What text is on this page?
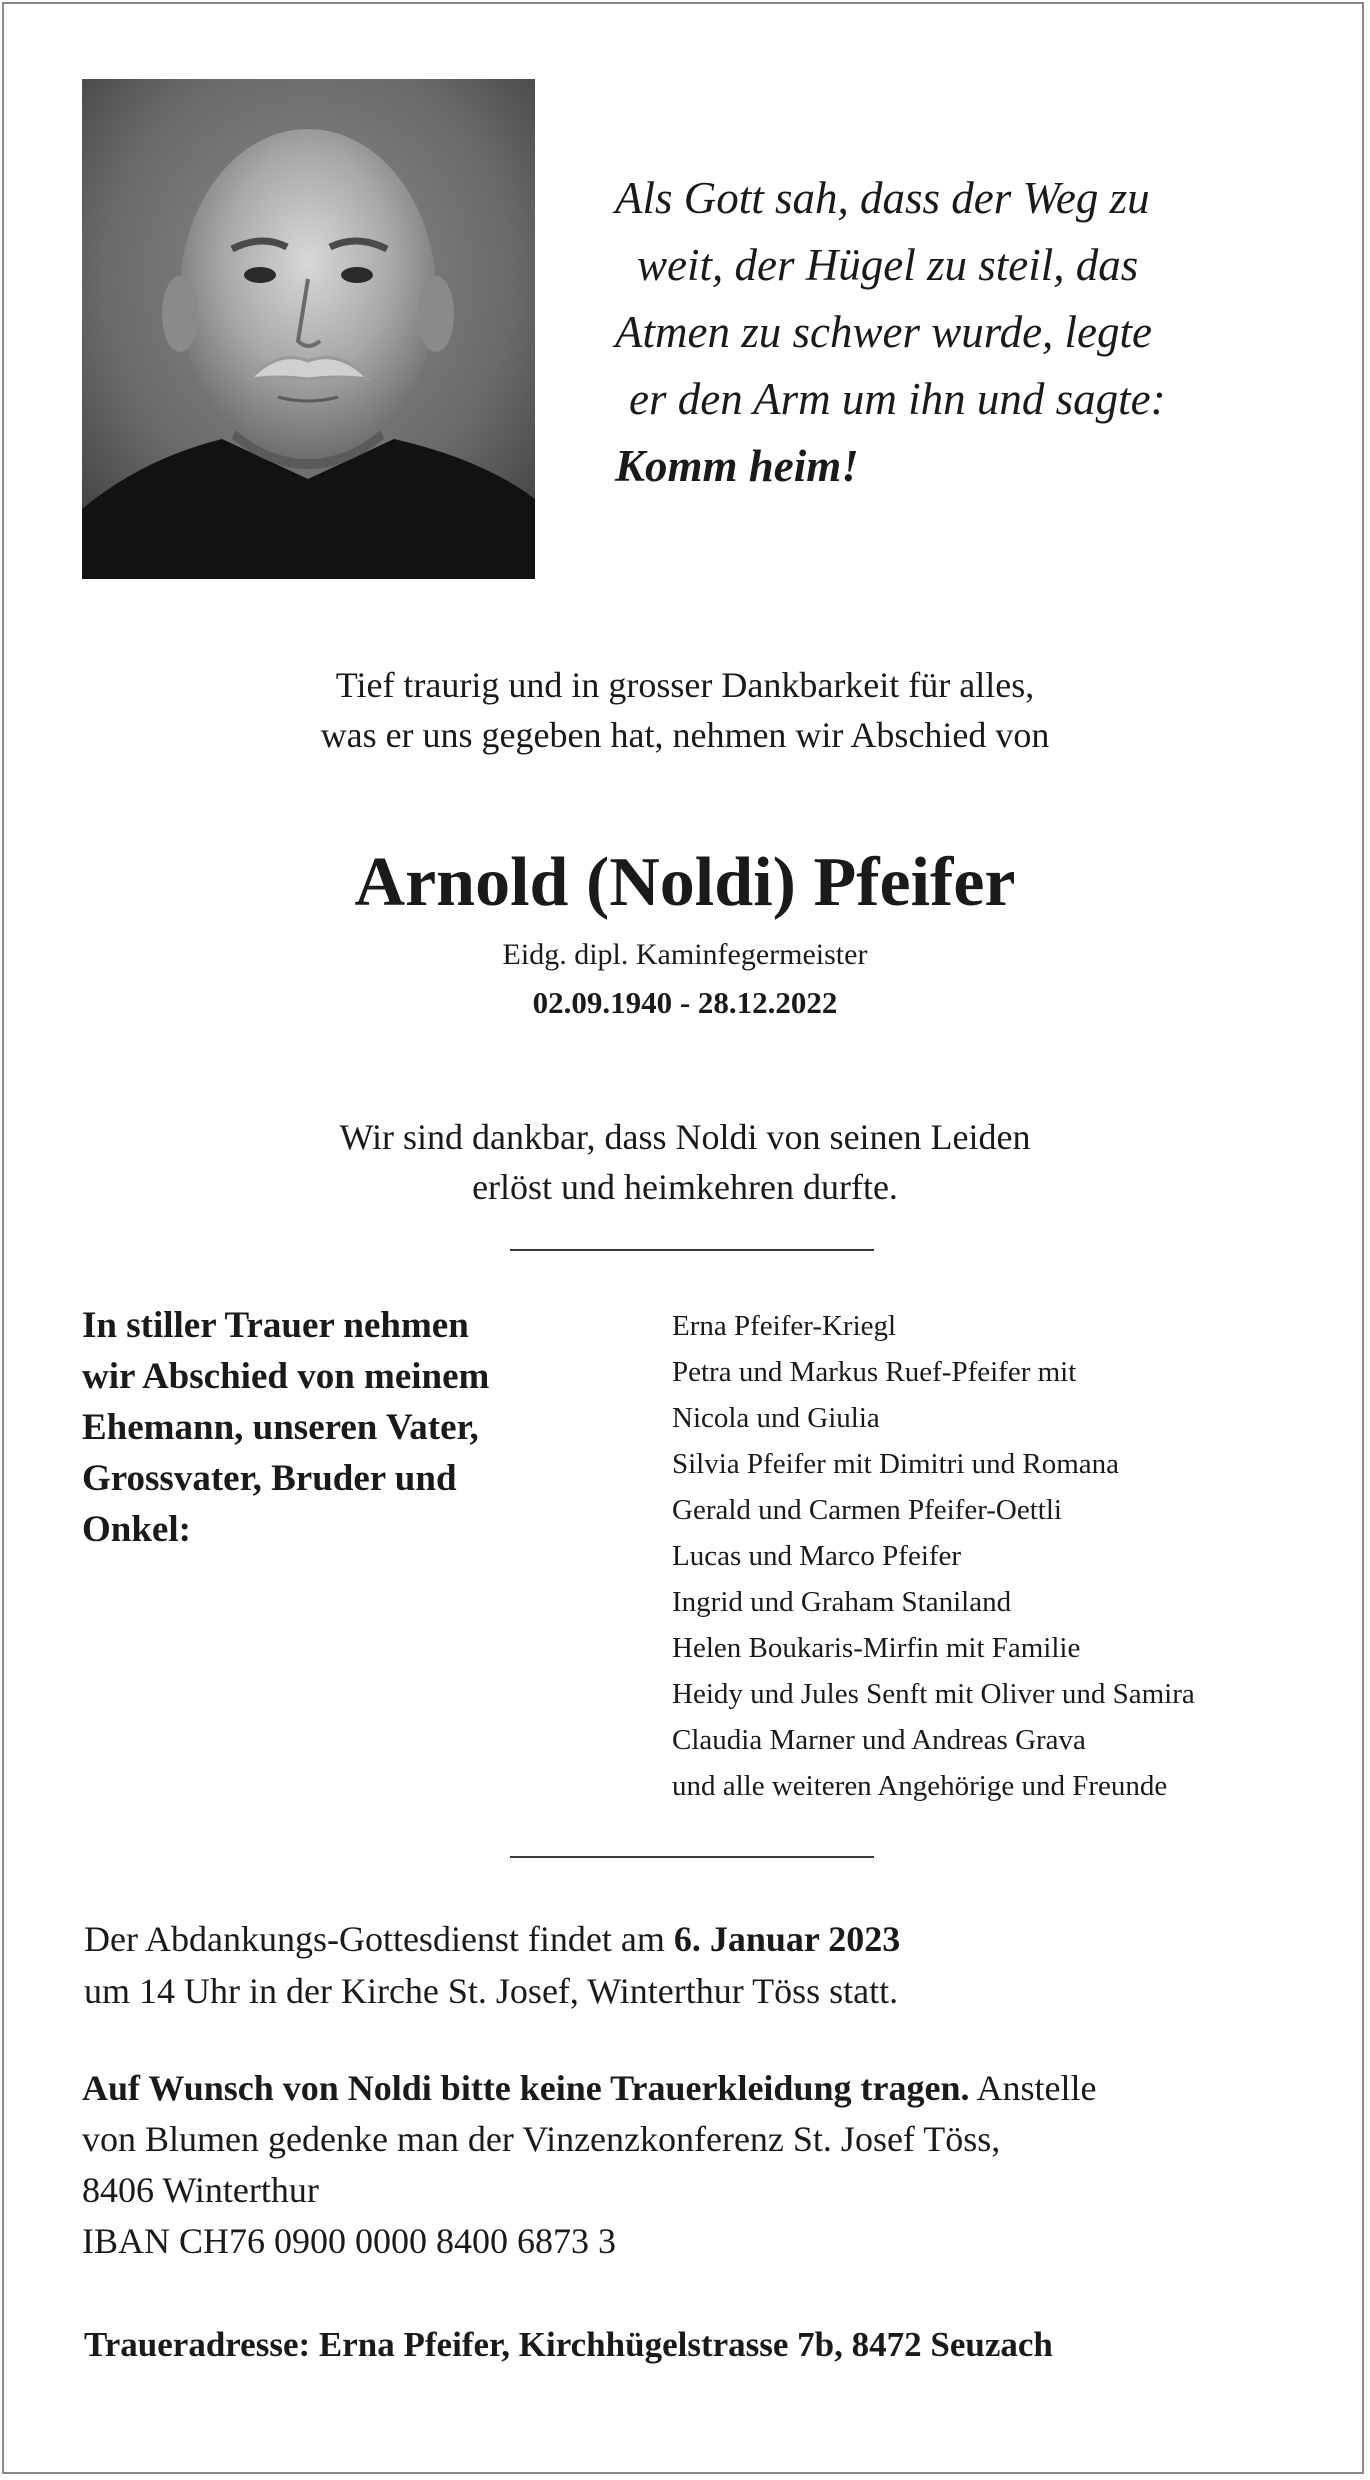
Als Gott sah, dass der Weg zu
weit, der Hügel zu steil, das
Atmen zu schwer wurde, legte
er den Arm um ihn und sagte:
Komm heim!
Tief traurig und in grosser Dankbarkeit für alles,
was er uns gegeben hat, nehmen wir Abschied von
Arnold (Noldi) Pfeifer
Eidg. dipl. Kaminfegermeister
02.09.1940 - 28.12.2022
Wir sind dankbar, dass Noldi von seinen Leiden
erlöst und heimkehren durfte.
In stiller Trauer nehmen
wir Abschied von meinem
Ehemann, unseren Vater,
Grossvater, Bruder und
Onkel:
Erna Pfeifer-Kriegl
Petra und Markus Ruef-Pfeifer mit
Nicola und Giulia
Silvia Pfeifer mit Dimitri und Romana
Gerald und Carmen Pfeifer-Oettli
Lucas und Marco Pfeifer
Ingrid und Graham Staniland
Helen Boukaris-Mirfin mit Familie
Heidy und Jules Senft mit Oliver und Samira
Claudia Marner und Andreas Grava
und alle weiteren Angehörige und Freunde
Der Abdankungs-Gottesdienst findet am 6. Januar 2023
um 14 Uhr in der Kirche St. Josef, Winterthur Töss statt.
Auf Wunsch von Noldi bitte keine Trauerkleidung tragen. Anstelle
von Blumen gedenke man der Vinzenzkonferenz St. Josef Töss,
8406 Winterthur
IBAN CH76 0900 0000 8400 6873 3
Traueradresse: Erna Pfeifer, Kirchhügelstrasse 7b, 8472 Seuzach
